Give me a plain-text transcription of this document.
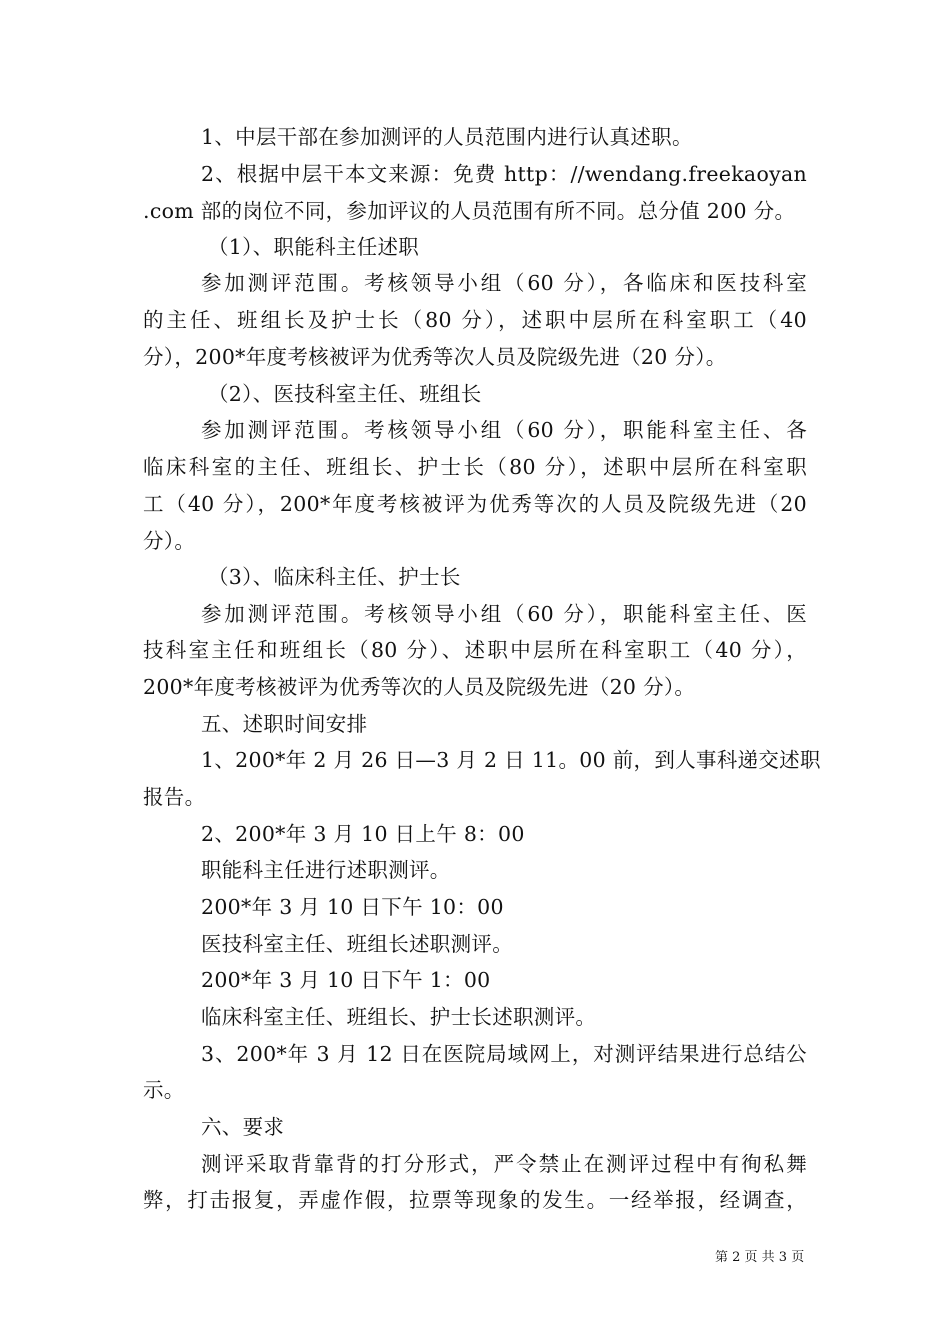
1、中层干部在参加测评的人员范围内进行认真述职。
2、根据中层干本文来源：免费 http：//wendang.freekaoyan
.com 部的岗位不同，参加评议的人员范围有所不同。总分值 200 分。
（1）、职能科主任述职
参加测评范围。考核领导小组（60 分），各临床和医技科室
的主任、班组长及护士长（80 分），述职中层所在科室职工（40
分），200*年度考核被评为优秀等次人员及院级先进（20 分）。
（2）、医技科室主任、班组长
参加测评范围。考核领导小组（60 分），职能科室主任、各
临床科室的主任、班组长、护士长（80 分），述职中层所在科室职
工（40 分），200*年度考核被评为优秀等次的人员及院级先进（20
分）。
（3）、临床科主任、护士长
参加测评范围。考核领导小组（60 分），职能科室主任、医
技科室主任和班组长（80 分）、述职中层所在科室职工（40 分），
200*年度考核被评为优秀等次的人员及院级先进（20 分）。
五、述职时间安排
1、200*年 2 月 26 日—3 月 2 日 11。00 前，到人事科递交述职
报告。
2、200*年 3 月 10 日上午 8：00
职能科主任进行述职测评。
200*年 3 月 10 日下午 10：00
医技科室主任、班组长述职测评。
200*年 3 月 10 日下午 1：00
临床科室主任、班组长、护士长述职测评。
3、200*年 3 月 12 日在医院局域网上，对测评结果进行总结公
示。
六、要求
测评采取背靠背的打分形式，严令禁止在测评过程中有徇私舞
弊，打击报复，弄虚作假，拉票等现象的发生。一经举报，经调查，
第 2 页 共 3 页
